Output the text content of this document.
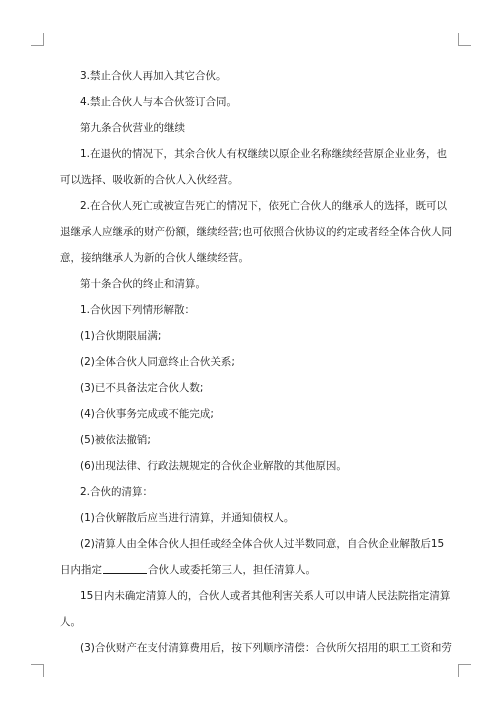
3.禁止合伙人再加入其它合伙。
4.禁止合伙人与本合伙签订合同。
第九条合伙营业的继续
1.在退伙的情况下，其余合伙人有权继续以原企业名称继续经营原企业业务，也
可以选择、吸收新的合伙人入伙经营。
2.在合伙人死亡或被宣告死亡的情况下，依死亡合伙人的继承人的选择，既可以
退继承人应继承的财产份额，继续经营;也可依照合伙协议的约定或者经全体合伙人同
意，接纳继承人为新的合伙人继续经营。
第十条合伙的终止和清算。
1.合伙因下列情形解散：
(1)合伙期限届满;
(2)全体合伙人同意终止合伙关系;
(3)已不具备法定合伙人数;
(4)合伙事务完成或不能完成;
(5)被依法撤销;
(6)出现法律、行政法规规定的合伙企业解散的其他原因。
2.合伙的清算：
(1)合伙解散后应当进行清算，并通知债权人。
(2)清算人由全体合伙人担任或经全体合伙人过半数同意，自合伙企业解散后15
日内指定	合伙人或委托第三人，担任清算人。
15日内未确定清算人的，合伙人或者其他利害关系人可以申请人民法院指定清算
人。
(3)合伙财产在支付清算费用后，按下列顺序清偿：合伙所欠招用的职工工资和劳
